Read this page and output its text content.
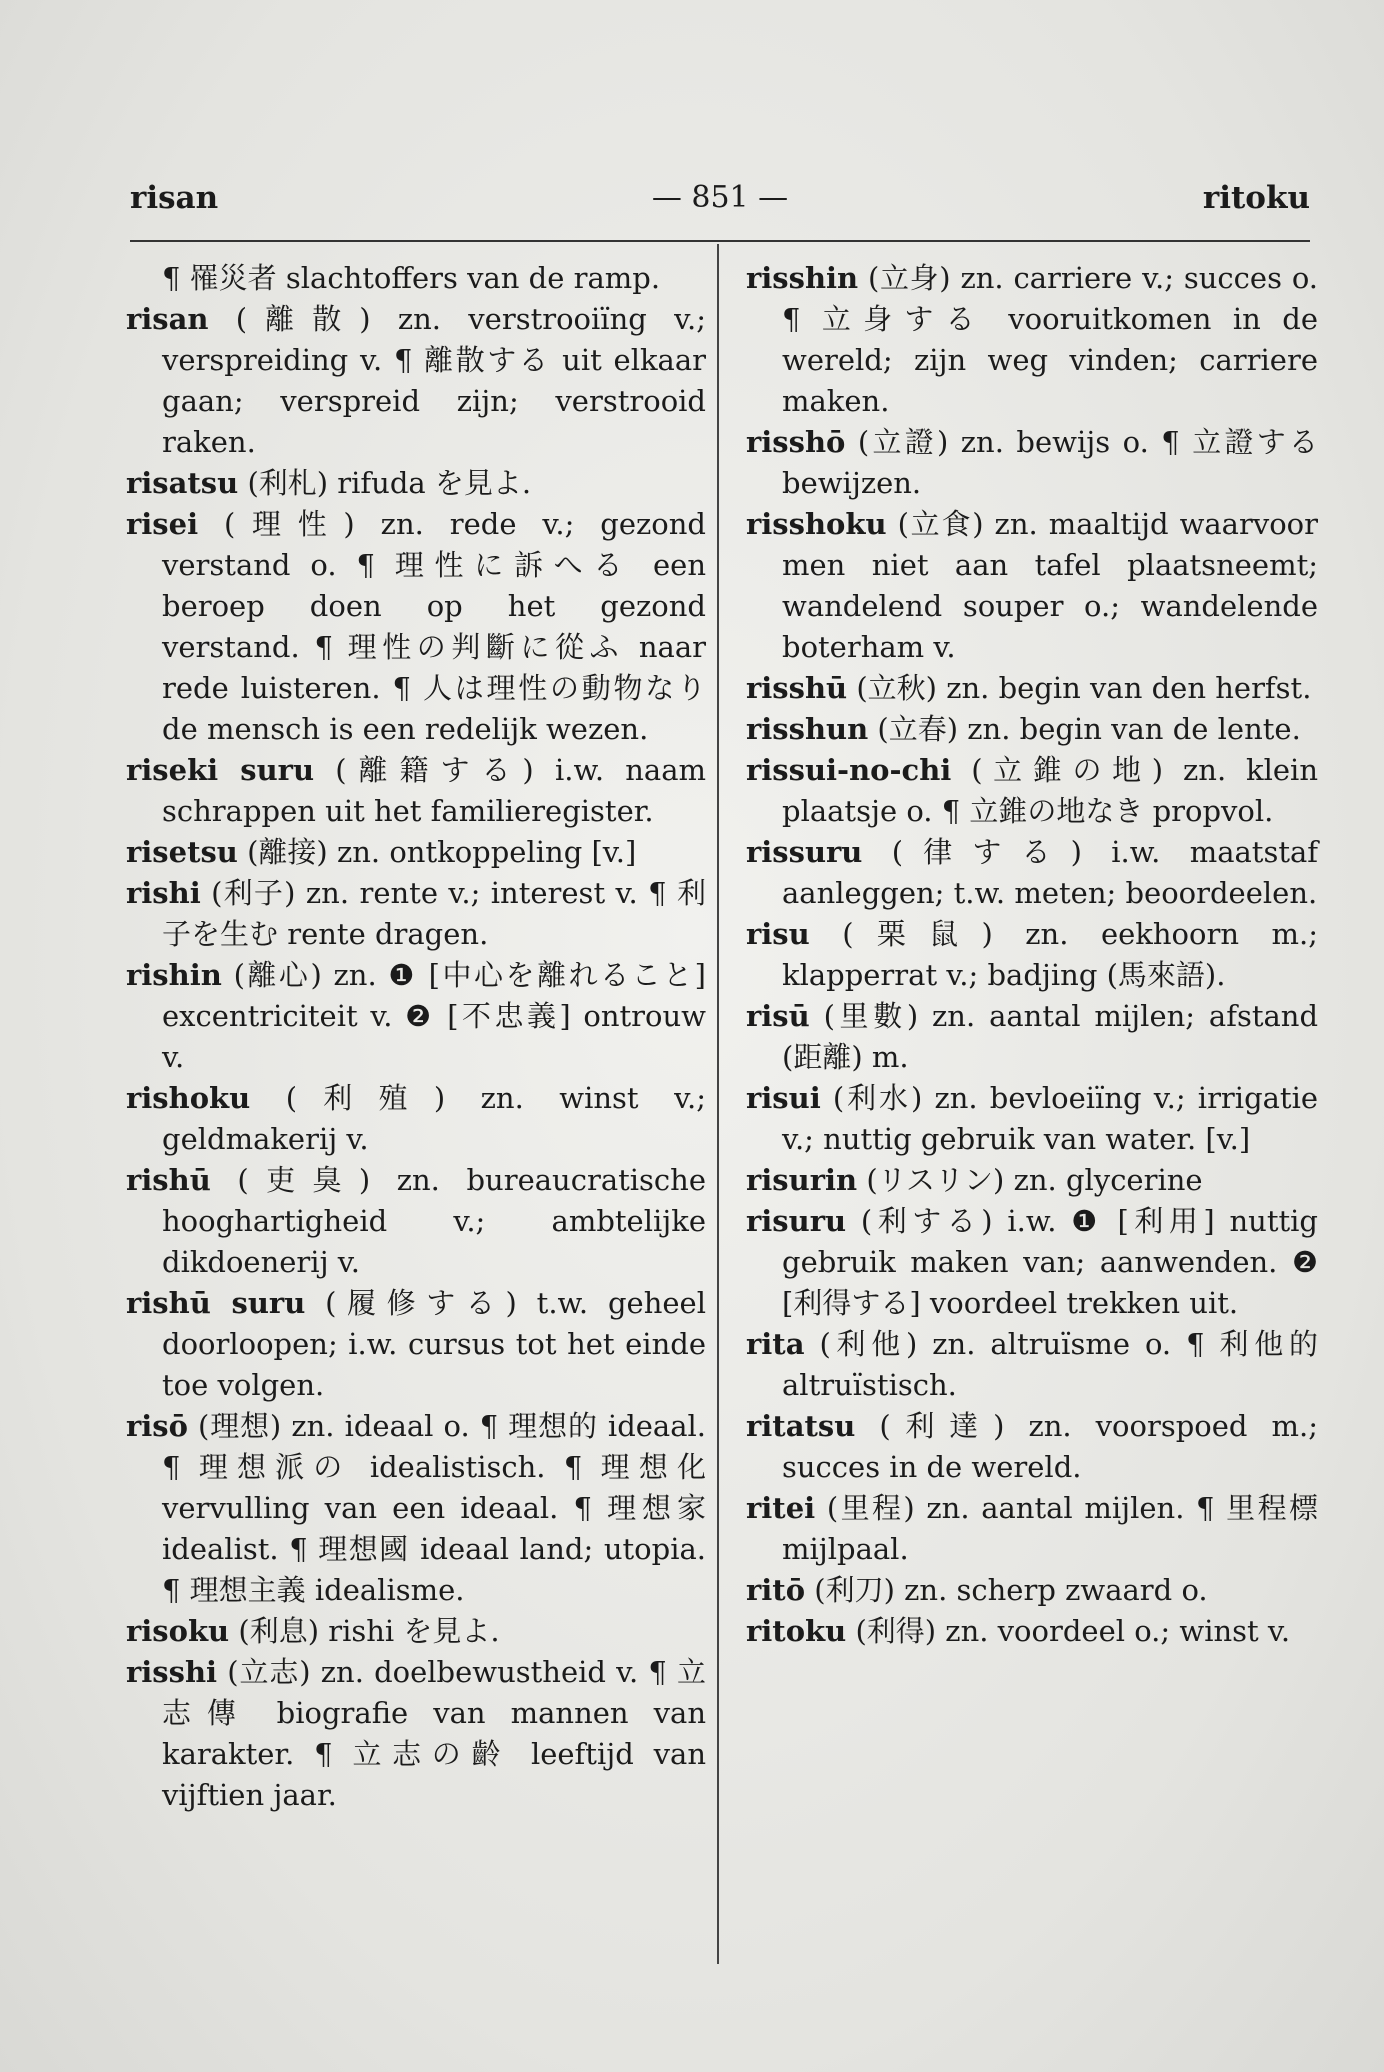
risan	— 851 —	ritoku

¶ 罹災者 slachtoffers van de ramp.

risan (離散) zn. verstrooiïng v.; verspreiding v. ¶ 離散する uit elkaar gaan; verspreid zijn; verstrooid raken.

risatsu (利札) rifuda を見よ.

risei (理性) zn. rede v.; gezond verstand o. ¶ 理性に訴へる een beroep doen op het gezond verstand. ¶ 理性の判斷に從ふ naar rede luisteren. ¶ 人は理性の動物なり de mensch is een redelijk wezen.

riseki suru (離籍する) i.w. naam schrappen uit het familieregister.

risetsu (離接) zn. ontkoppeling [v.]

rishi (利子) zn. rente v.; interest v. ¶ 利子を生む rente dragen.

rishin (離心) zn. ❶ [中心を離れること] excentriciteit v. ❷ [不忠義] ontrouw v.

rishoku (利殖) zn. winst v.; geldmakerij v.

rishū (吏臭) zn. bureaucratische hooghartigheid v.; ambtelijke dikdoenerij v.

rishū suru (履修する) t.w. geheel doorloopen; i.w. cursus tot het einde toe volgen.

risō (理想) zn. ideaal o. ¶ 理想的 ideaal. ¶ 理想派の idealistisch. ¶ 理想化 vervulling van een ideaal. ¶ 理想家 idealist. ¶ 理想國 ideaal land; utopia. ¶ 理想主義 idealisme.

risoku (利息) rishi を見よ.

risshi (立志) zn. doelbewustheid v. ¶ 立志傳 biografie van mannen van karakter. ¶ 立志の齡 leeftijd van vijftien jaar.

risshin (立身) zn. carriere v.; succes o. ¶ 立身する vooruitkomen in de wereld; zijn weg vinden; carriere maken.

risshō (立證) zn. bewijs o. ¶ 立證する bewijzen.

risshoku (立食) zn. maaltijd waarvoor men niet aan tafel plaatsneemt; wandelend souper o.; wandelende boterham v.

risshū (立秋) zn. begin van den herfst.

risshun (立春) zn. begin van de lente.

rissui-no-chi (立錐の地) zn. klein plaatsje o. ¶ 立錐の地なき propvol.

rissuru (律する) i.w. maatstaf aanleggen; t.w. meten; beoordeelen.

risu (栗鼠) zn. eekhoorn m.; klapperrat v.; badjing (馬來語).

risū (里數) zn. aantal mijlen; afstand (距離) m.

risui (利水) zn. bevloeiïng v.; irrigatie v.; nuttig gebruik van water. [v.]

risurin (リスリン) zn. glycerine

risuru (利する) i.w. ❶ [利用] nuttig gebruik maken van; aanwenden. ❷ [利得する] voordeel trekken uit.

rita (利他) zn. altruïsme o. ¶ 利他的 altruïstisch.

ritatsu (利達) zn. voorspoed m.; succes in de wereld.

ritei (里程) zn. aantal mijlen. ¶ 里程標 mijlpaal.

ritō (利刀) zn. scherp zwaard o.

ritoku (利得) zn. voordeel o.; winst v.
